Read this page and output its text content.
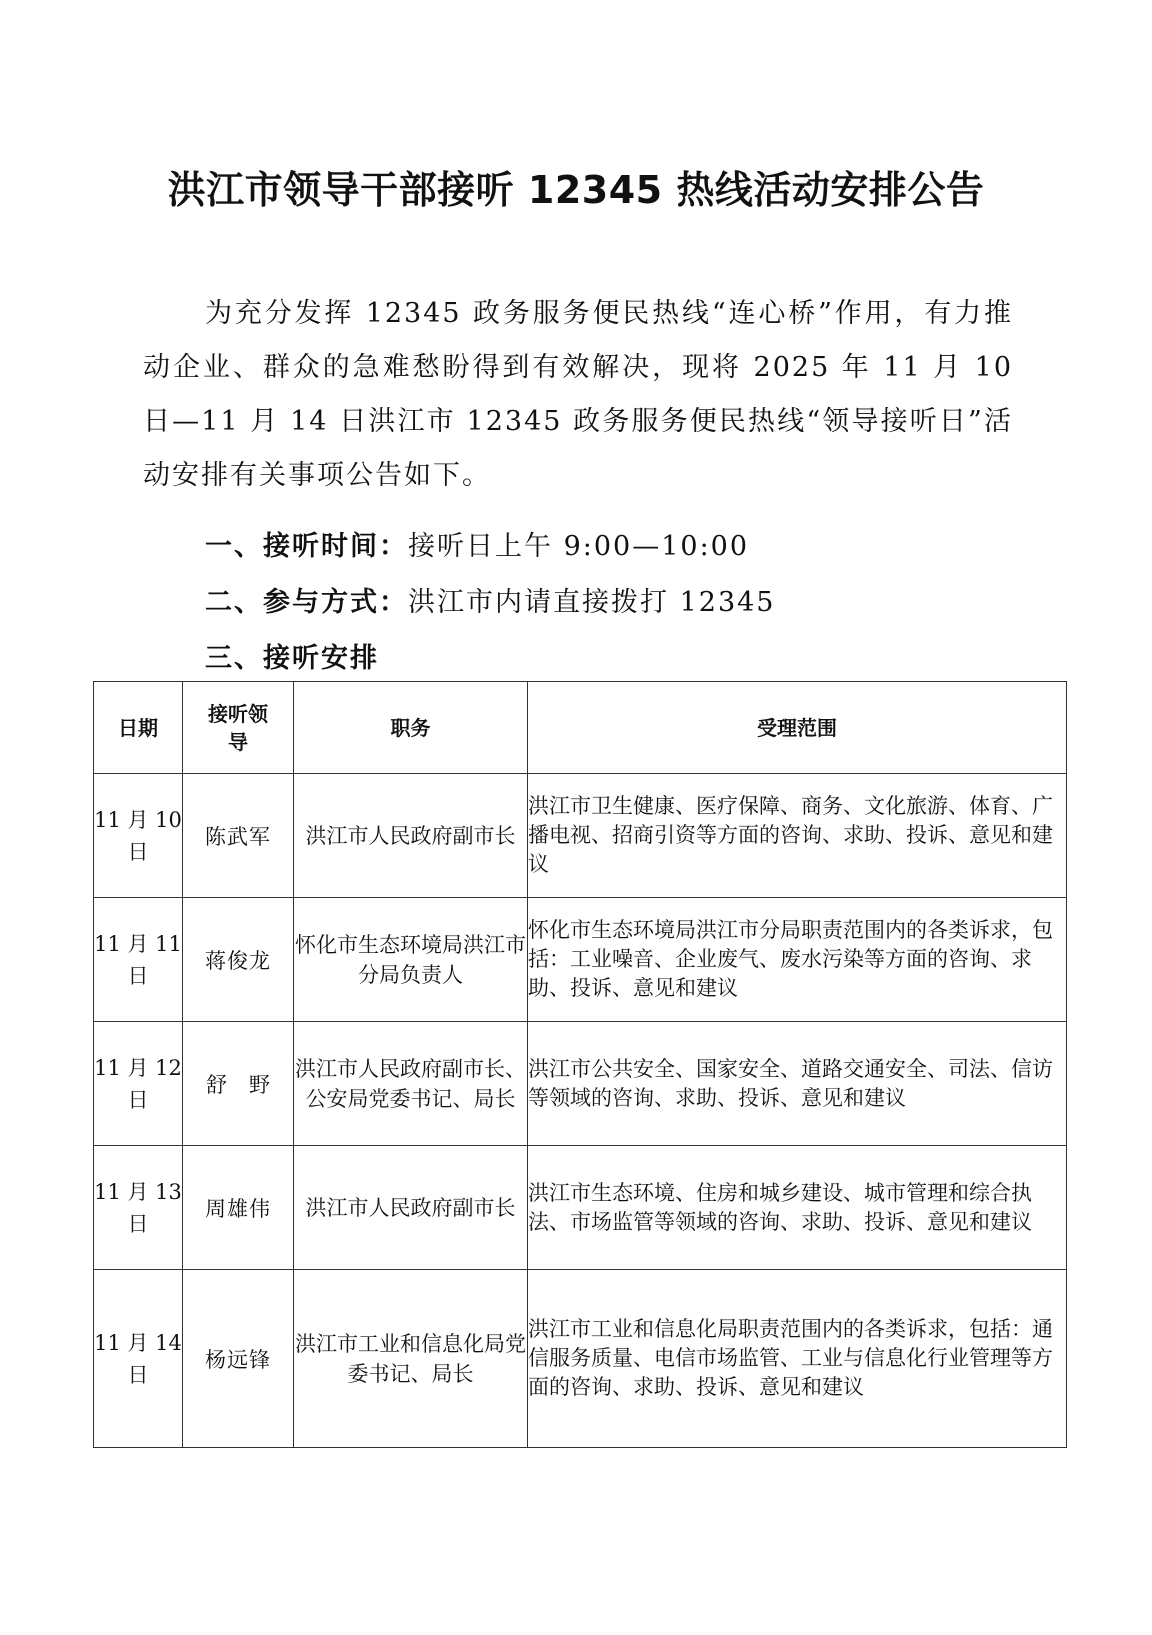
洪江市领导干部接听 12345 热线活动安排公告
为充分发挥 12345 政务服务便民热线“连心桥”作用，有力推动企业、群众的急难愁盼得到有效解决，现将 2025 年 11 月 10 日—11 月 14 日洪江市 12345 政务服务便民热线“领导接听日”活动安排有关事项公告如下。
一、接听时间：接听日上午 9:00—10:00
二、参与方式：洪江市内请直接拨打 12345
三、接听安排
日期	接听领导	职务	受理范围
11 月 10 日	陈武军	洪江市人民政府副市长	洪江市卫生健康、医疗保障、商务、文化旅游、体育、广播电视、招商引资等方面的咨询、求助、投诉、意见和建议
11 月 11 日	蒋俊龙	怀化市生态环境局洪江市分局负责人	怀化市生态环境局洪江市分局职责范围内的各类诉求，包括：工业噪音、企业废气、废水污染等方面的咨询、求助、投诉、意见和建议
11 月 12 日	舒野	洪江市人民政府副市长、公安局党委书记、局长	洪江市公共安全、国家安全、道路交通安全、司法、信访等领域的咨询、求助、投诉、意见和建议
11 月 13 日	周雄伟	洪江市人民政府副市长	洪江市生态环境、住房和城乡建设、城市管理和综合执法、市场监管等领域的咨询、求助、投诉、意见和建议
11 月 14 日	杨远锋	洪江市工业和信息化局党委书记、局长	洪江市工业和信息化局职责范围内的各类诉求，包括：通信服务质量、电信市场监管、工业与信息化行业管理等方面的咨询、求助、投诉、意见和建议
